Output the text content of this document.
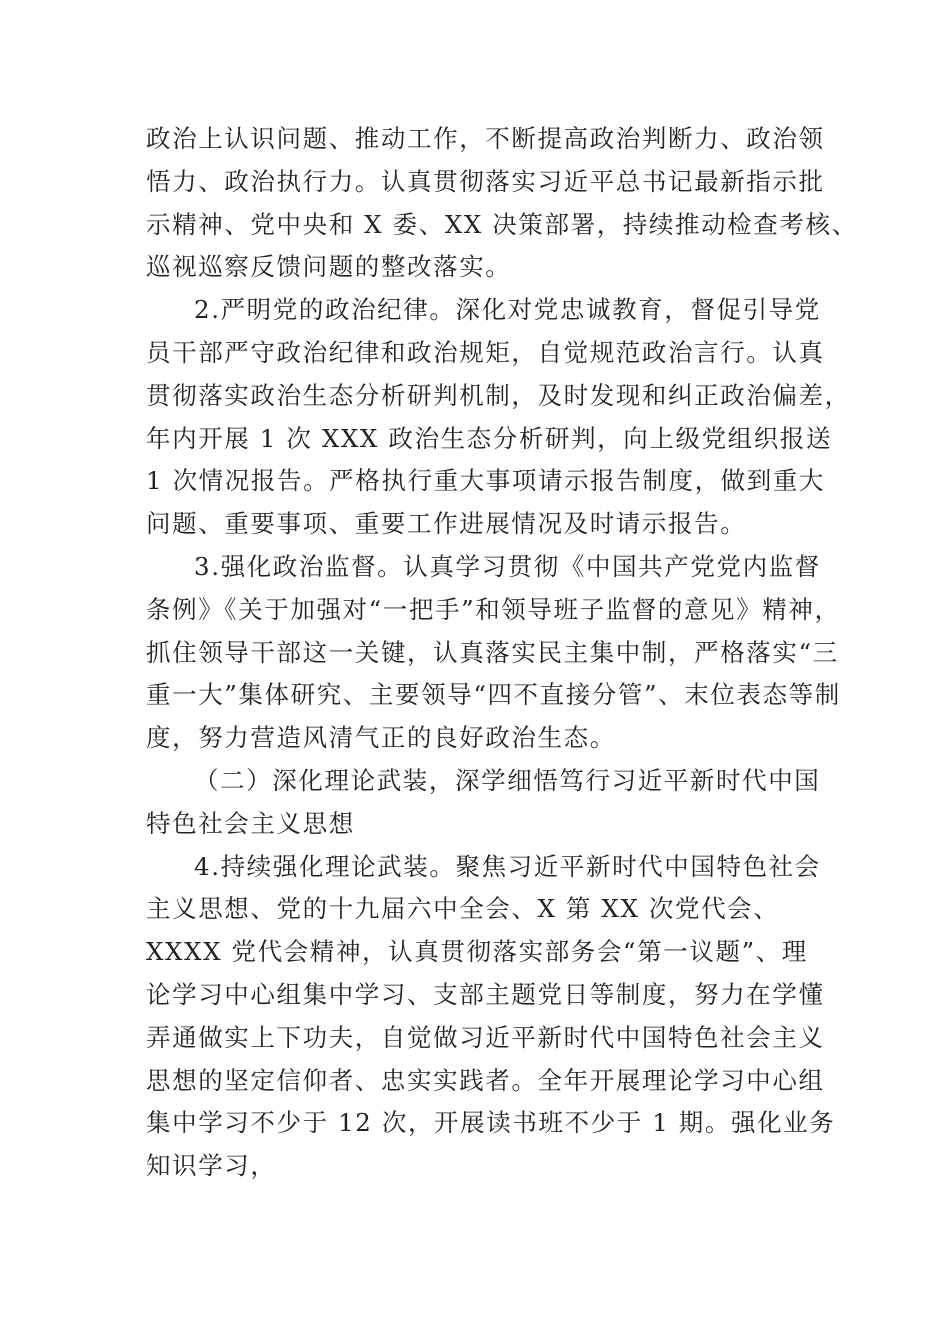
政治上认识问题、推动工作，不断提高政治判断力、政治领
悟力、政治执行力。认真贯彻落实习近平总书记最新指示批
示精神、党中央和 X 委、XX 决策部署，持续推动检查考核、
巡视巡察反馈问题的整改落实。
2.严明党的政治纪律。深化对党忠诚教育，督促引导党
员干部严守政治纪律和政治规矩，自觉规范政治言行。认真
贯彻落实政治生态分析研判机制，及时发现和纠正政治偏差，
年内开展 1 次 XXX 政治生态分析研判，向上级党组织报送
1 次情况报告。严格执行重大事项请示报告制度，做到重大
问题、重要事项、重要工作进展情况及时请示报告。
3.强化政治监督。认真学习贯彻《中国共产党党内监督
条例》《关于加强对“一把手”和领导班子监督的意见》精神，
抓住领导干部这一关键，认真落实民主集中制，严格落实“三
重一大”集体研究、主要领导“四不直接分管”、末位表态等制
度，努力营造风清气正的良好政治生态。
（二）深化理论武装，深学细悟笃行习近平新时代中国
特色社会主义思想
4.持续强化理论武装。聚焦习近平新时代中国特色社会
主义思想、党的十九届六中全会、X 第 XX 次党代会、
XXXX 党代会精神，认真贯彻落实部务会“第一议题”、理
论学习中心组集中学习、支部主题党日等制度，努力在学懂
弄通做实上下功夫，自觉做习近平新时代中国特色社会主义
思想的坚定信仰者、忠实实践者。全年开展理论学习中心组
集中学习不少于 12 次，开展读书班不少于 1 期。强化业务
知识学习，
